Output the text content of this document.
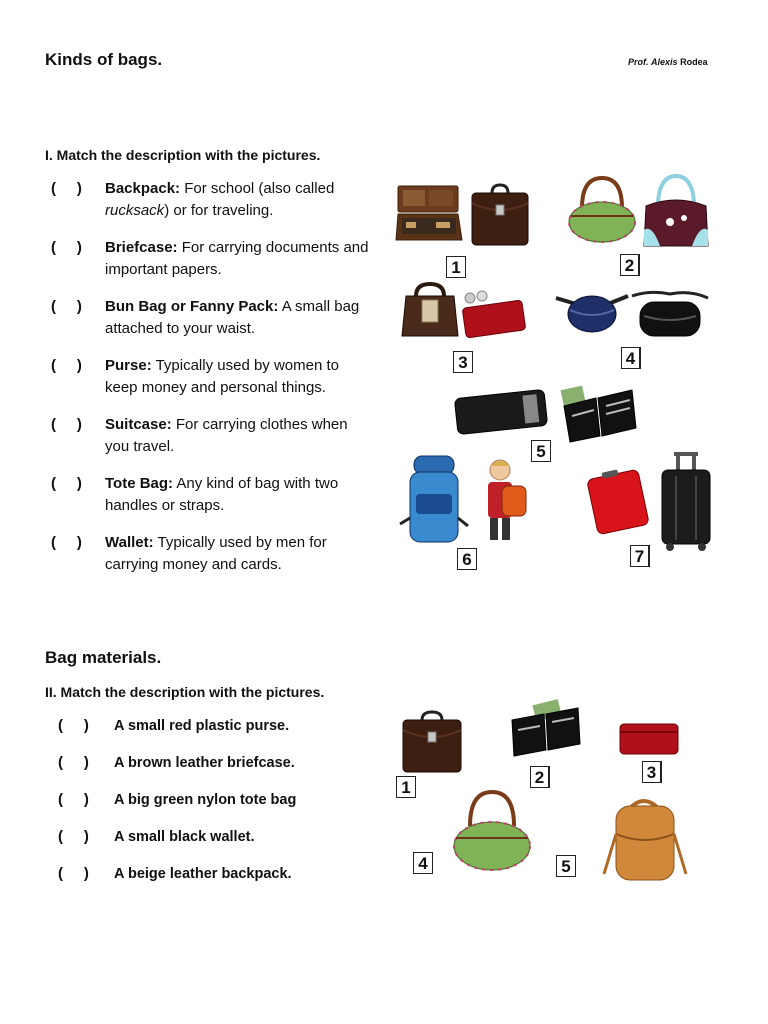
Kinds of bags.	Prof. Alexis Rodea
I. Match the description with the pictures.
(     ) Backpack: For school (also called rucksack) or for traveling.
(     ) Briefcase: For carrying documents and important papers.
(     ) Bun Bag or Fanny Pack: A small bag attached to your waist.
(     ) Purse: Typically used by women to keep money and personal things.
(     ) Suitcase: For carrying clothes when you travel.
(     ) Tote Bag: Any kind of bag with two handles or straps.
(     ) Wallet: Typically used by men for carrying money and cards.
1	2
3	4
5
6	7
Bag materials.
II. Match the description with the pictures.
(     ) A small red plastic purse.
(     ) A brown leather briefcase.
(     ) A big green nylon tote bag
(     ) A small black wallet.
(     ) A beige leather backpack.
1
2	3
4	5
